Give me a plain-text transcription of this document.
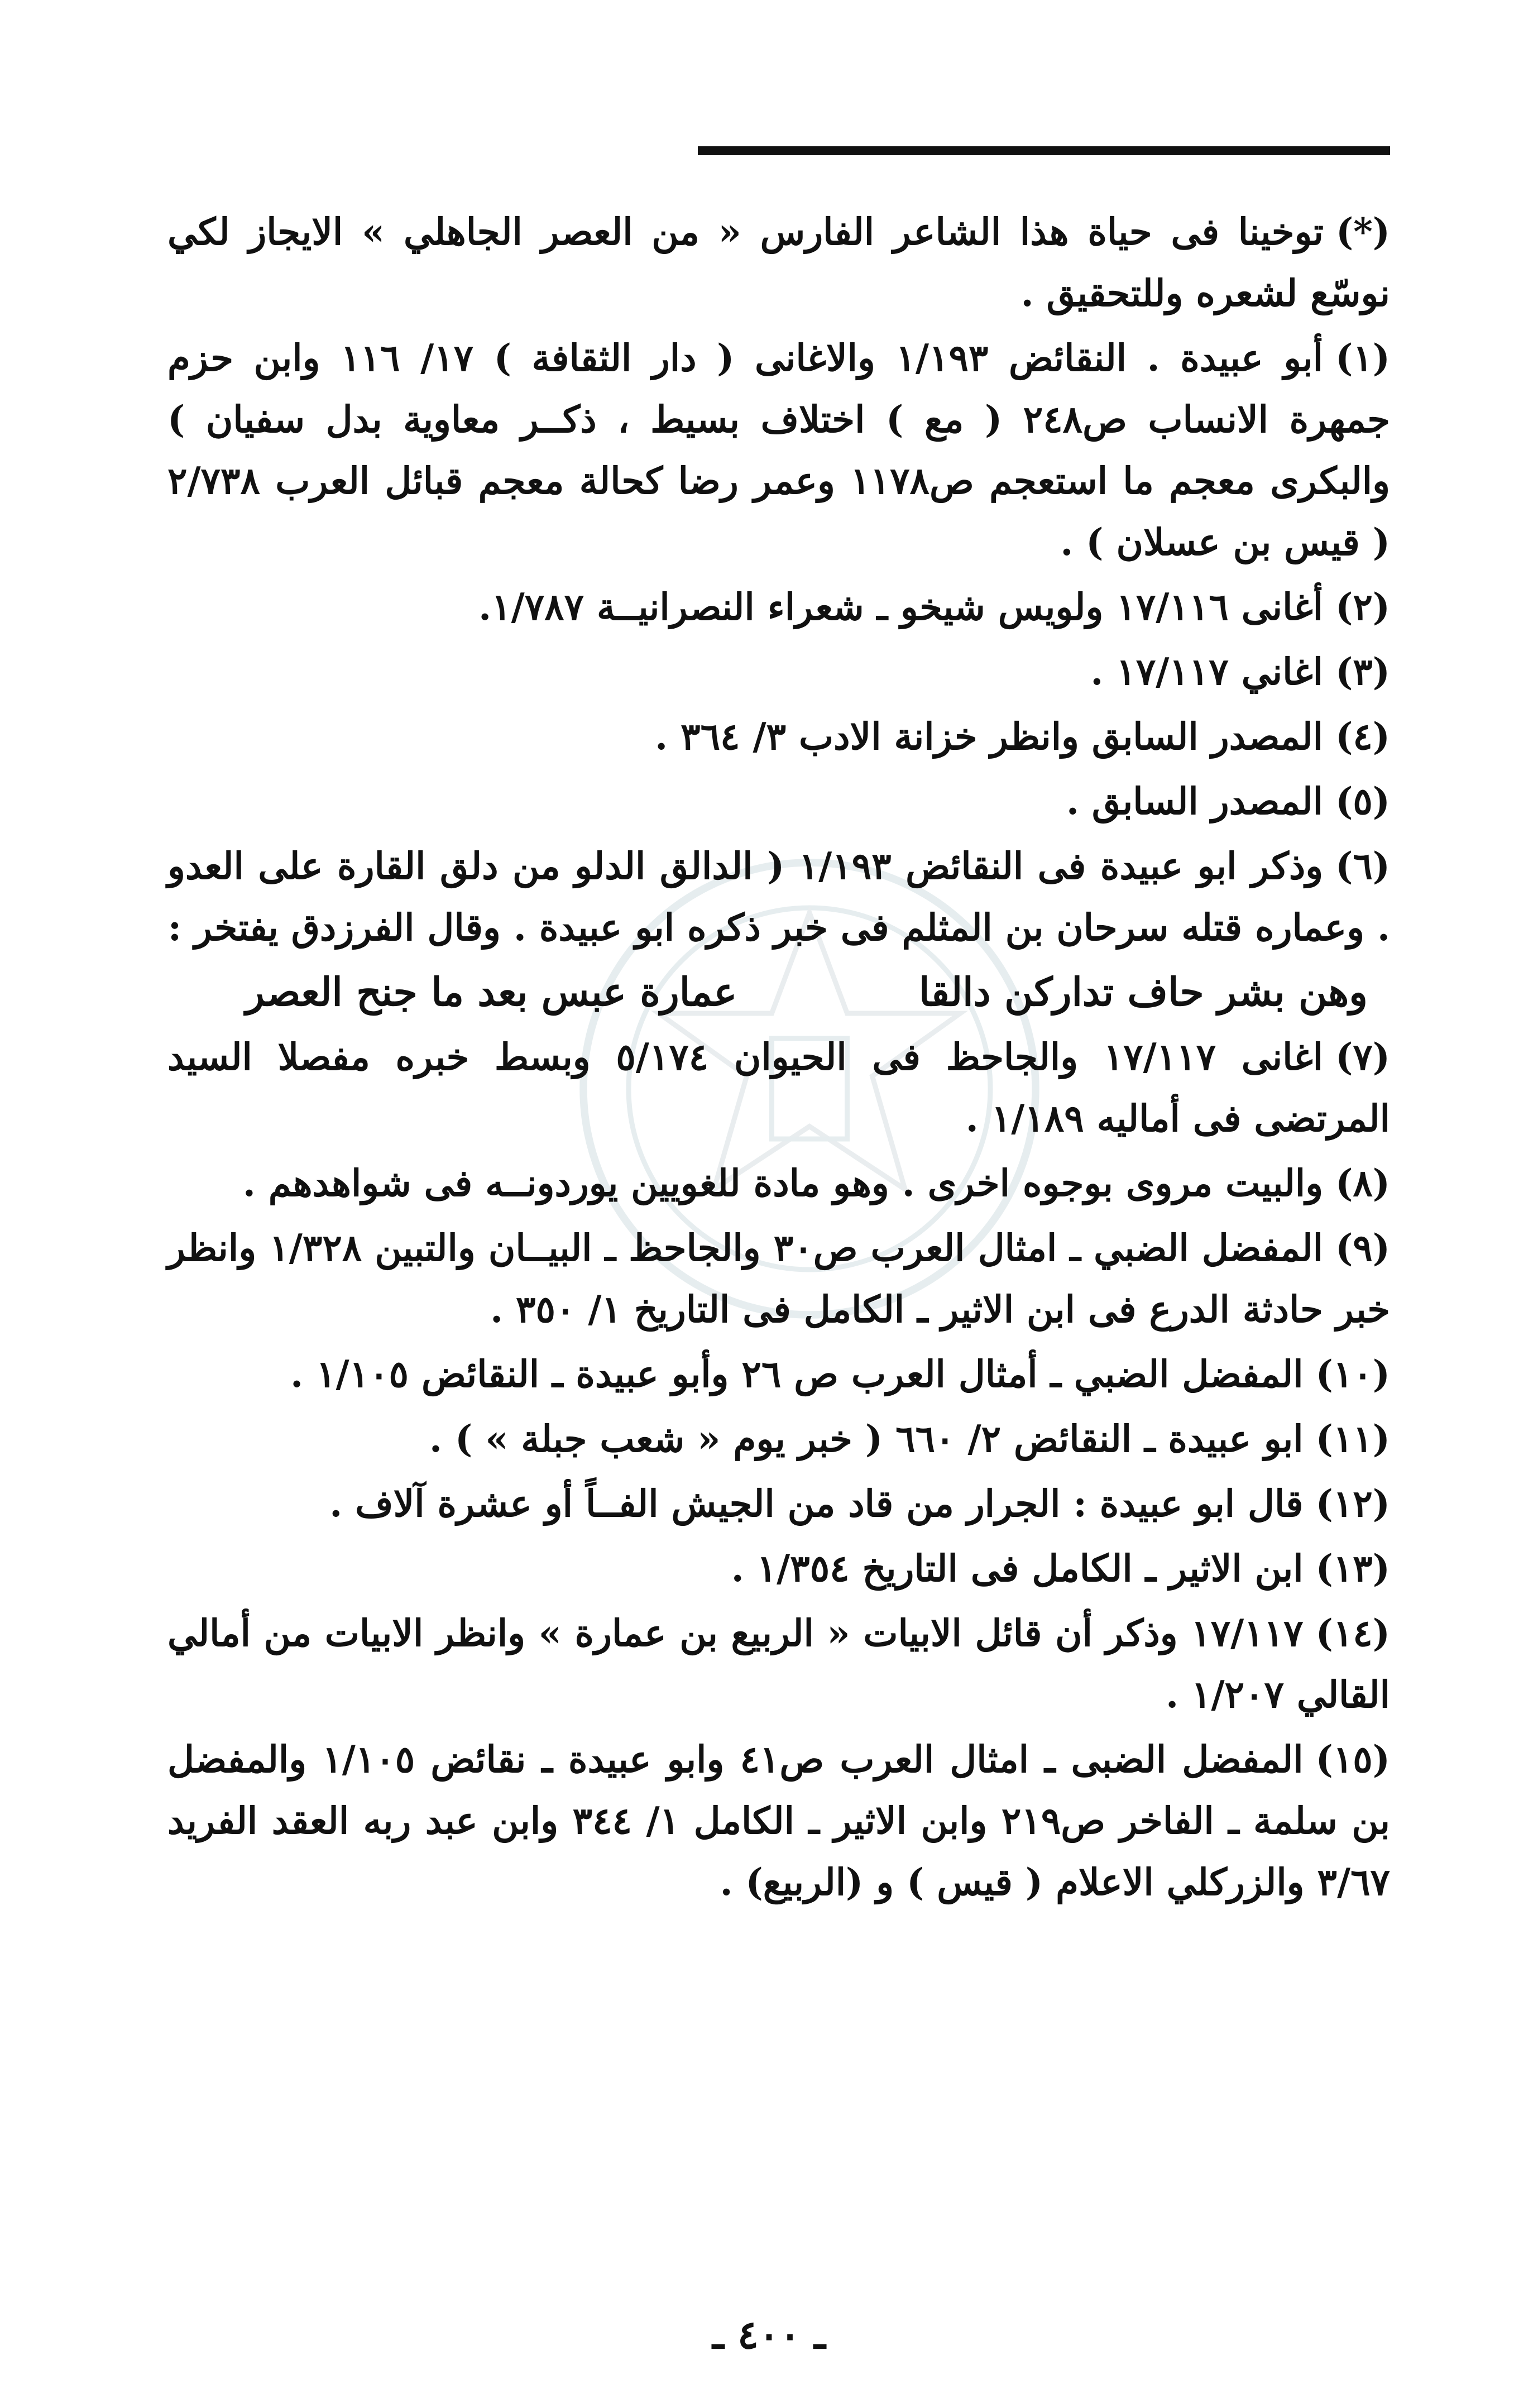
(*)توخينا فى حياة هذا الشاعر الفارس « من العصر الجاهلي » الايجاز لكي نوسّع لشعره وللتحقيق .

(١)أبو عبيدة . النقائض ١/١٩٣ والاغانى ( دار الثقافة ) ١٧/ ١١٦ وابن حزم جمهرة الانساب ص٢٤٨ ( مع ) اختلاف بسيط ، ذكــر معاوية بدل سفيان ) والبكرى معجم ما استعجم ص١١٧٨ وعمر رضا كحالة معجم قبائل العرب ٢/٧٣٨ ( قيس بن عسلان ) .

(٢)أغانى ١٧/١١٦ ولويس شيخو ـ شعراء النصرانيــة ١/٧٨٧.

(٣)اغاني ١٧/١١٧ .

(٤)المصدر السابق وانظر خزانة الادب ٣/ ٣٦٤ .

(٥)المصدر السابق .

(٦)وذكر ابو عبيدة فى النقائض ١/١٩٣ ( الدالق الدلو من دلق القارة على العدو . وعماره قتله سرحان بن المثلم فى خبر ذكره ابو عبيدة . وقال الفرزدق يفتخر :

وهن بشر حاف تداركن دالقا
عمارة عبس بعد ما جنح العصر

(٧)اغانى ١٧/١١٧ والجاحظ فى الحيوان ٥/١٧٤ وبسط خبره مفصلا السيد المرتضى فى أماليه ١/١٨٩ .

(٨)والبيت مروى بوجوه اخرى . وهو مادة للغويين يوردونــه فى شواهدهم .

(٩)المفضل الضبي ـ امثال العرب ص٣٠ والجاحظ ـ البيــان والتبين ١/٣٢٨ وانظر خبر حادثة الدرع فى ابن الاثير ـ الكامل فى التاريخ ١/ ٣٥٠ .

(١٠)المفضل الضبي ـ أمثال العرب ص ٢٦ وأبو عبيدة ـ النقائض ١/١٠٥ .

(١١)ابو عبيدة ـ النقائض ٢/ ٦٦٠ ( خبر يوم « شعب جبلة » ) .

(١٢)قال ابو عبيدة : الجرار من قاد من الجيش الفــاً أو عشرة آلاف .

(١٣)ابن الاثير ـ الكامل فى التاريخ ١/٣٥٤ .

(١٤)١٧/١١٧ وذكر أن قائل الابيات « الربيع بن عمارة » وانظر الابيات من أمالي القالي ١/٢٠٧ .

(١٥)المفضل الضبى ـ امثال العرب ص٤١ وابو عبيدة ـ نقائض ١/١٠٥ والمفضل بن سلمة ـ الفاخر ص٢١٩ وابن الاثير ـ الكامل ١/ ٣٤٤ وابن عبد ربه العقد الفريد ٣/٦٧ والزركلي الاعلام ( قيس ) و (الربيع) .

ـ ٤٠٠ ـ
